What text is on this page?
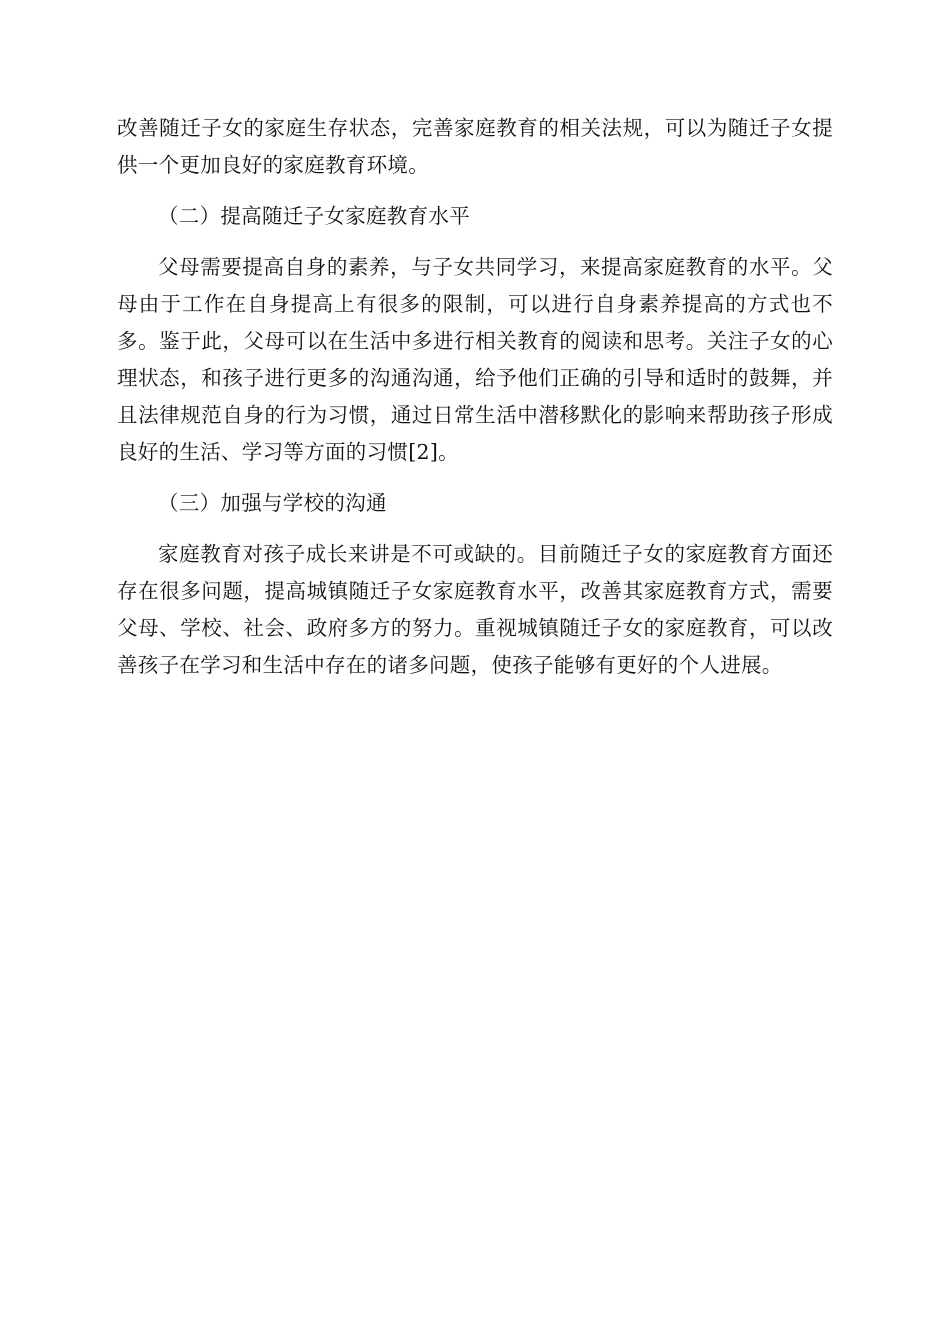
改善随迁子女的家庭生存状态，完善家庭教育的相关法规，可以为随迁子女提供一个更加良好的家庭教育环境。

（二）提高随迁子女家庭教育水平

父母需要提高自身的素养，与子女共同学习，来提高家庭教育的水平。父母由于工作在自身提高上有很多的限制，可以进行自身素养提高的方式也不多。鉴于此，父母可以在生活中多进行相关教育的阅读和思考。关注子女的心理状态，和孩子进行更多的沟通沟通，给予他们正确的引导和适时的鼓舞，并且法律规范自身的行为习惯，通过日常生活中潜移默化的影响来帮助孩子形成良好的生活、学习等方面的习惯[2]。

（三）加强与学校的沟通

家庭教育对孩子成长来讲是不可或缺的。目前随迁子女的家庭教育方面还存在很多问题，提高城镇随迁子女家庭教育水平，改善其家庭教育方式，需要父母、学校、社会、政府多方的努力。重视城镇随迁子女的家庭教育，可以改善孩子在学习和生活中存在的诸多问题，使孩子能够有更好的个人进展。
